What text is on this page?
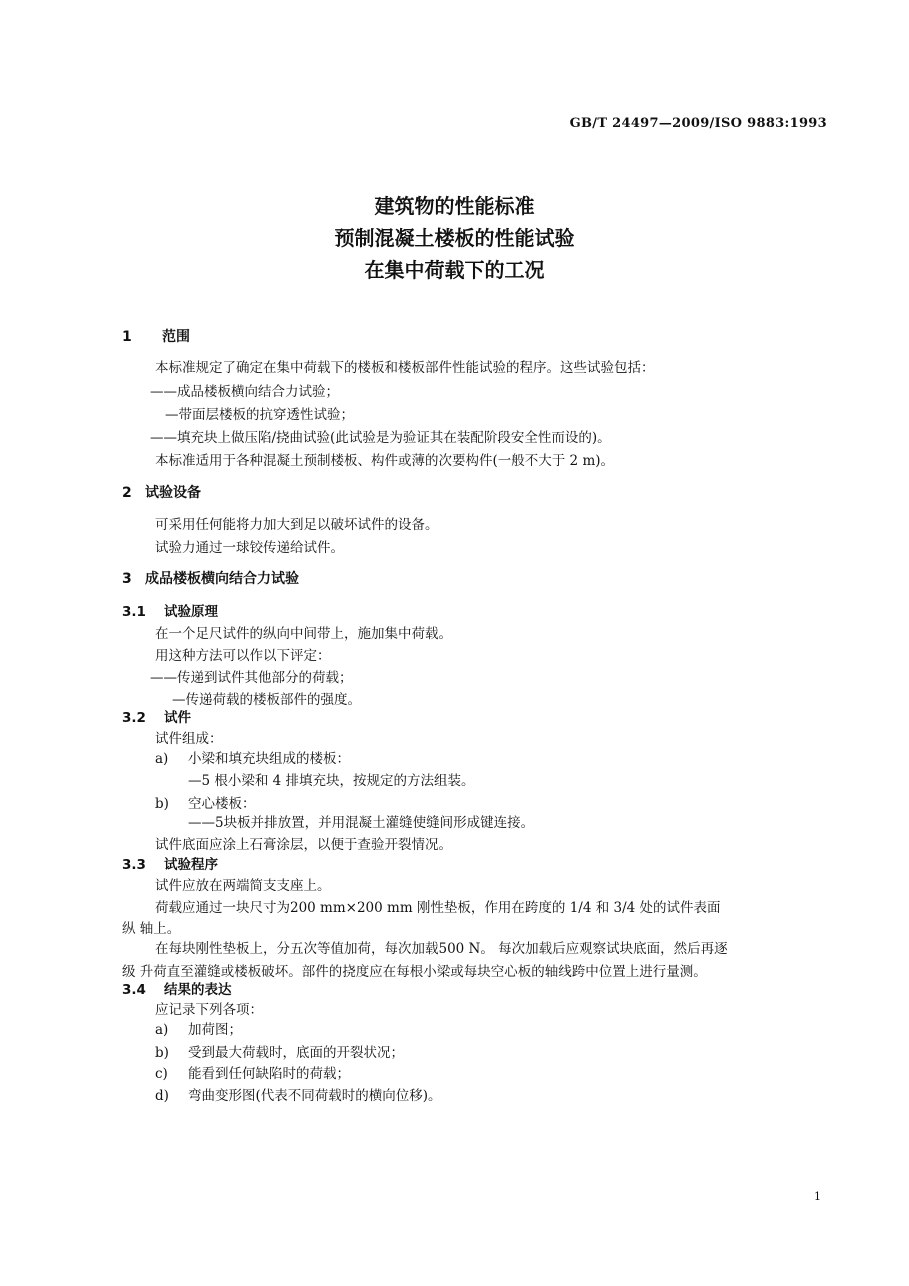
GB/T 24497—2009/ISO 9883:1993
建筑物的性能标准
预制混凝土楼板的性能试验
在集中荷载下的工况
1 范围
本标准规定了确定在集中荷载下的楼板和楼板部件性能试验的程序。这些试验包括：
——成品楼板横向结合力试验；
—带面层楼板的抗穿透性试验；
——填充块上做压陷/挠曲试验(此试验是为验证其在装配阶段安全性而设的)。
本标准适用于各种混凝土预制楼板、构件或薄的次要构件(一般不大于 2 m)。
2 试验设备
可采用任何能将力加大到足以破坏试件的设备。
试验力通过一球铰传递给试件。
3 成品楼板横向结合力试验
3.1 试验原理
在一个足尺试件的纵向中间带上，施加集中荷载。
用这种方法可以作以下评定：
——传递到试件其他部分的荷载；
—传递荷载的楼板部件的强度。
3.2 试件
试件组成：
a) 小梁和填充块组成的楼板：
—5 根小梁和 4 排填充块，按规定的方法组装。
b) 空心楼板：
——5块板并排放置，并用混凝土灌缝使缝间形成键连接。
试件底面应涂上石膏涂层，以便于查验开裂情况。
3.3 试验程序
试件应放在两端简支支座上。
荷载应通过一块尺寸为200 mm×200 mm 刚性垫板，作用在跨度的 1/4 和 3/4 处的试件表面
纵 轴上。
在每块刚性垫板上，分五次等值加荷，每次加载500 N。 每次加载后应观察试块底面，然后再逐
级 升荷直至灌缝或楼板破坏。部件的挠度应在每根小梁或每块空心板的轴线跨中位置上进行量测。
3.4 结果的表达
应记录下列各项：
a) 加荷图；
b) 受到最大荷载时，底面的开裂状况；
c) 能看到任何缺陷时的荷载；
d) 弯曲变形图(代表不同荷载时的横向位移)。
1
